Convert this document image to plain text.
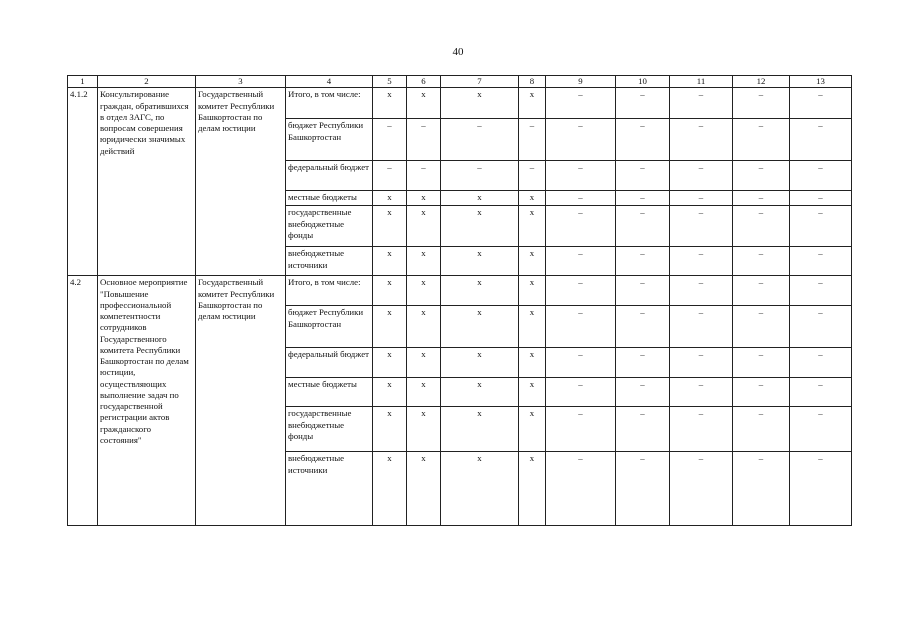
40
1	2	3	4	5	6	7	8	9	10	11	12	13
4.1.2	Консультирование граждан, обратившихся в отдел ЗАГС, по вопросам совершения юридически значимых действий	Государственный комитет Республики Башкортостан по делам юстиции	Итого, в том числе:	x	x	x	x	–	–	–	–	–
			бюджет Республики Башкортостан	–	–	–	–	–	–	–	–	–
			федеральный бюджет	–	–	–	–	–	–	–	–	–
			местные бюджеты	x	x	x	x	–	–	–	–	–
			государственные внебюджетные фонды	x	x	x	x	–	–	–	–	–
			внебюджетные источники	x	x	x	x	–	–	–	–	–
4.2	Основное мероприятие "Повышение профессиональной компетентности сотрудников Государственного комитета Республики Башкортостан по делам юстиции, осуществляющих выполнение задач по государственной регистрации актов гражданского состояния"	Государственный комитет Республики Башкортостан по делам юстиции	Итого, в том числе:	x	x	x	x	–	–	–	–	–
			бюджет Республики Башкортостан	x	x	x	x	–	–	–	–	–
			федеральный бюджет	x	x	x	x	–	–	–	–	–
			местные бюджеты	x	x	x	x	–	–	–	–	–
			государственные внебюджетные фонды	x	x	x	x	–	–	–	–	–
			внебюджетные источники	x	x	x	x	–	–	–	–	–
